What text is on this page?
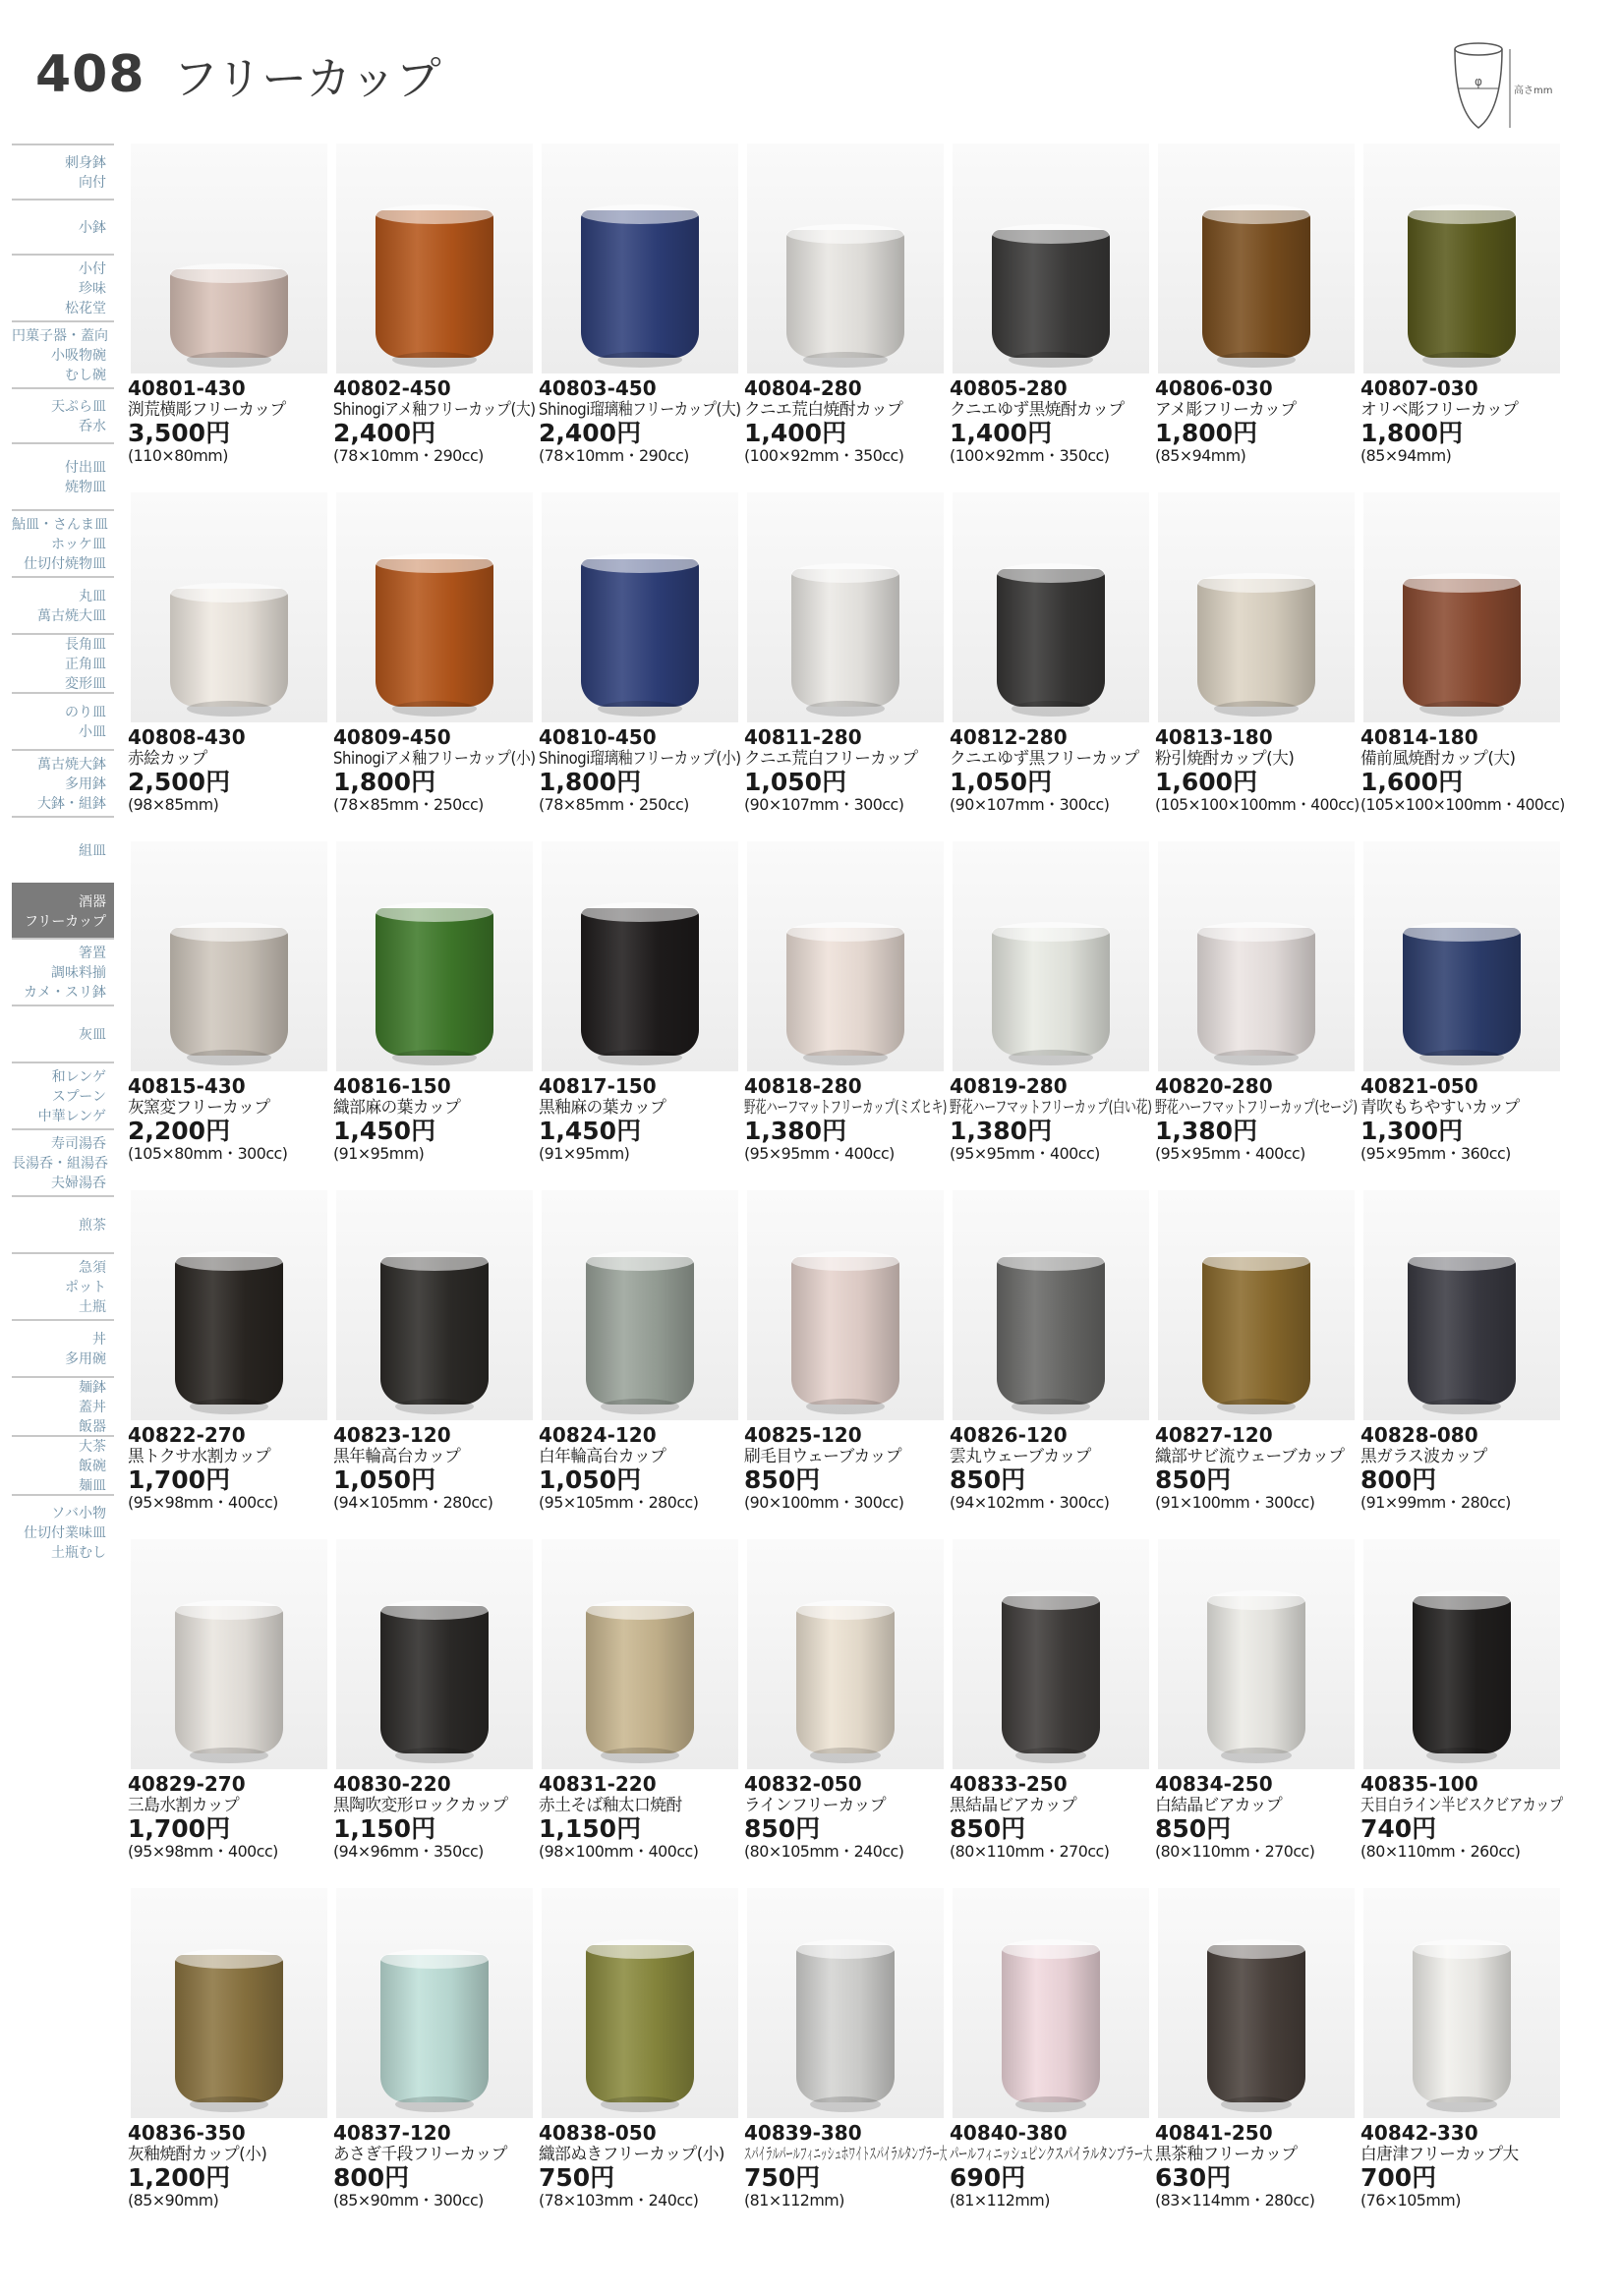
408 フリーカップ	φ
高さmm
刺身鉢
向付
小鉢
小付
珍味
松花堂
円菓子器・蓋向
小吸物碗
むし碗
天ぷら皿
呑水
付出皿
焼物皿
鮎皿・さんま皿
ホッケ皿
仕切付焼物皿
丸皿
萬古焼大皿
長角皿
正角皿
変形皿
のり皿
小皿
萬古焼大鉢
多用鉢
大鉢・組鉢
組皿
酒器
フリーカップ
箸置
調味料揃
カメ・スリ鉢
灰皿
和レンゲ
スプーン
中華レンゲ
寿司湯呑
長湯呑・組湯呑
夫婦湯呑
煎茶
急須
ポット
土瓶
丼
多用碗
麺鉢
蓋丼
飯器
大茶
飯碗
麺皿
ソバ小物
仕切付業味皿
土瓶むし
40801-430
渕荒横彫フリーカップ
3,500円
(110×80mm)
40802-450
Shinogiアメ釉フリーカップ(大)
2,400円
(78×10mm・290cc)
40803-450
Shinogi瑠璃釉フリーカップ(大)
2,400円
(78×10mm・290cc)
40804-280
クニエ荒白焼酎カップ
1,400円
(100×92mm・350cc)
40805-280
クニエゆず黒焼酎カップ
1,400円
(100×92mm・350cc)
40806-030
アメ彫フリーカップ
1,800円
(85×94mm)
40807-030
オリベ彫フリーカップ
1,800円
(85×94mm)
40808-430
赤絵カップ
2,500円
(98×85mm)
40809-450
Shinogiアメ釉フリーカップ(小)
1,800円
(78×85mm・250cc)
40810-450
Shinogi瑠璃釉フリーカップ(小)
1,800円
(78×85mm・250cc)
40811-280
クニエ荒白フリーカップ
1,050円
(90×107mm・300cc)
40812-280
クニエゆず黒フリーカップ
1,050円
(90×107mm・300cc)
40813-180
粉引焼酎カップ(大)
1,600円
(105×100×100mm・400cc)
40814-180
備前風焼酎カップ(大)
1,600円
(105×100×100mm・400cc)
40815-430
灰窯変フリーカップ
2,200円
(105×80mm・300cc)
40816-150
織部麻の葉カップ
1,450円
(91×95mm)
40817-150
黒釉麻の葉カップ
1,450円
(91×95mm)
40818-280
野花ハーフマットフリーカップ(ミズヒキ)
1,380円
(95×95mm・400cc)
40819-280
野花ハーフマットフリーカップ(白い花)
1,380円
(95×95mm・400cc)
40820-280
野花ハーフマットフリーカップ(セージ)
1,380円
(95×95mm・400cc)
40821-050
青吹もちやすいカップ
1,300円
(95×95mm・360cc)
40822-270
黒トクサ水割カップ
1,700円
(95×98mm・400cc)
40823-120
黒年輪高台カップ
1,050円
(94×105mm・280cc)
40824-120
白年輪高台カップ
1,050円
(95×105mm・280cc)
40825-120
刷毛目ウェーブカップ
850円
(90×100mm・300cc)
40826-120
雲丸ウェーブカップ
850円
(94×102mm・300cc)
40827-120
織部サビ流ウェーブカップ
850円
(91×100mm・300cc)
40828-080
黒ガラス波カップ
800円
(91×99mm・280cc)
40829-270
三島水割カップ
1,700円
(95×98mm・400cc)
40830-220
黒陶吹変形ロックカップ
1,150円
(94×96mm・350cc)
40831-220
赤土そば釉太口焼酎
1,150円
(98×100mm・400cc)
40832-050
ラインフリーカップ
850円
(80×105mm・240cc)
40833-250
黒結晶ビアカップ
850円
(80×110mm・270cc)
40834-250
白結晶ビアカップ
850円
(80×110mm・270cc)
40835-100
天目白ライン半ビスクビアカップ
740円
(80×110mm・260cc)
40836-350
灰釉焼酎カップ(小)
1,200円
(85×90mm)
40837-120
あさぎ千段フリーカップ
800円
(85×90mm・300cc)
40838-050
織部ぬきフリーカップ(小)
750円
(78×103mm・240cc)
40839-380
スパイラルパールフィニッシュホワイトスパイラルタンブラー大
750円
(81×112mm)
40840-380
パールフィニッシュピンクスパイラルタンブラー大
690円
(81×112mm)
40841-250
黒茶釉フリーカップ
630円
(83×114mm・280cc)
40842-330
白唐津フリーカップ大
700円
(76×105mm)
